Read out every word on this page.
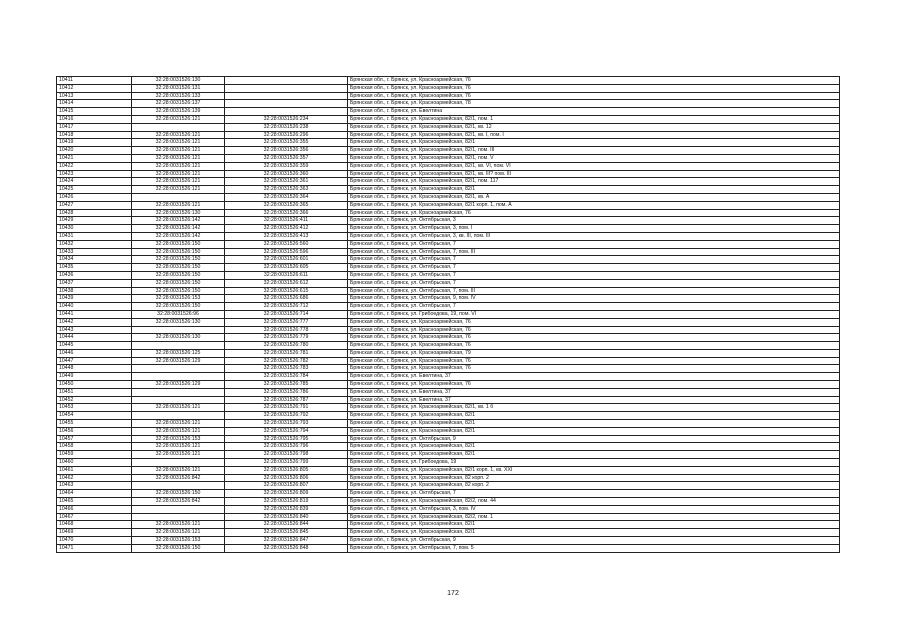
10411	32:28:0031526:130		Брянская обл., г. Брянск, ул. Красноармейская, 76
10412	32:28:0031526:131		Брянская обл., г. Брянск, ул. Красноармейская, 76
10413	32:28:0031526:133		Брянская обл., г. Брянск, ул. Красноармейская, 76
10414	32:28:0031526:137		Брянская обл., г. Брянск, ул. Красноармейская, 78
10415	32:28:0031526:139		Брянская обл., г. Брянск, ул. Евелтина
10416	32:28:0031526:121	32:28:0031526:234	Брянская обл., г. Брянск, ул. Красноармейская, 82/1, пом. 1
10417		32:28:0031526:238	Брянская обл., г. Брянск, ул. Красноармейская, 82/1, кв. 12
10418	32:28:0031526:121	32:28:0031526:296	Брянская обл., г. Брянск, ул. Красноармейская, 82/1, кв. I, пом. I
10419	32:28:0031526:121	32:28:0031526:355	Брянская обл., г. Брянск, ул. Красноармейская, 82/1
10420	32:28:0031526:121	32:28:0031526:356	Брянская обл., г. Брянск, ул. Красноармейская, 82/1, пом. III
10421	32:28:0031526:121	32:28:0031526:357	Брянская обл., г. Брянск, ул. Красноармейская, 82/1, пом. V
10422	32:28:0031526:121	32:28:0031526:359	Брянская обл., г. Брянск, ул. Красноармейская, 82/1, кв. VI, пом. VI
10423	32:28:0031526:121	32:28:0031526:360	Брянская обл., г. Брянск, ул. Красноармейская, 82/1, кв. III? пом. III
10424	32:28:0031526:121	32:28:0031526:361	Брянская обл., г. Брянск, ул. Красноармейская, 82/1, пом. 117
10425	32:28:0031526:121	32:28:0031526:363	Брянская обл., г. Брянск, ул. Красноармейская, 82/1
10426		32:28:0031526:364	Брянская обл., г. Брянск, ул. Красноармейская, 82/1, кв. А
10427	32:28:0031526:121	32:28:0031526:365	Брянская обл., г. Брянск, ул. Красноармейская, 82/1 корп. 1, пом. А
10428	32:28:0031526:130	32:28:0031526:366	Брянская обл., г. Брянск, ул. Красноармейская, 76
10429	32:28:0031526:142	32:28:0031526:411	Брянская обл., г. Брянск, ул. Октябрьская, 3
10430	32:28:0031526:142	32:28:0031526:412	Брянская обл., г. Брянск, ул. Октябрьская, 3, пом. I
10431	32:28:0031526:142	32:28:0031526:413	Брянская обл., г. Брянск, ул. Октябрьская, 3, кв. III, пом. III
10432	32:28:0031526:150	32:28:0031526:560	Брянская обл., г. Брянск, ул. Октябрьская, 7
10433	32:28:0031526:150	32:28:0031526:596	Брянская обл., г. Брянск, ул. Октябрьская, 7, пом. III
10434	32:28:0031526:150	32:28:0031526:601	Брянская обл., г. Брянск, ул. Октябрьская, 7
10435	32:28:0031526:150	32:28:0031526:605	Брянская обл., г. Брянск, ул. Октябрьская, 7
10436	32:28:0031526:150	32:28:0031526:611	Брянская обл., г. Брянск, ул. Октябрьская, 7
10437	32:28:0031526:150	32:28:0031526:612	Брянская обл., г. Брянск, ул. Октябрьская, 7
10438	32:28:0031526:150	32:28:0031526:615	Брянская обл., г. Брянск, ул. Октябрьская, 7, пом. III
10439	32:28:0031526:153	32:28:0031526:686	Брянская обл., г. Брянск, ул. Октябрьская, 9, пом. IV
10440	32:28:0031526:150	32:28:0031526:712	Брянская обл., г. Брянск, ул. Октябрьская, 7
10441	32:28:0031526:96	32:28:0031526:714	Брянская обл., г. Брянск, ул. Грибоедова, 19, пом. VI
10442	32:28:0031526:130	32:28:0031526:777	Брянская обл., г. Брянск, ул. Красноармейская, 76
10443		32:28:0031526:778	Брянская обл., г. Брянск, ул. Красноармейская, 76
10444	32:28:0031526:130	32:28:0031526:779	Брянская обл., г. Брянск, ул. Красноармейская, 76
10445		32:28:0031526:780	Брянская обл., г. Брянск, ул. Красноармейская, 76
10446	32:28:0031526:125	32:28:0031526:781	Брянская обл., г. Брянск, ул. Красноармейская, 79
10447	32:28:0031526:129	32:28:0031526:782	Брянская обл., г. Брянск, ул. Красноармейская, 76
10448		32:28:0031526:783	Брянская обл., г. Брянск, ул. Красноармейская, 76
10449		32:28:0031526:784	Брянская обл., г. Брянск, ул. Евелтина, 37
10450	32:28:0031526:129	32:28:0031526:785	Брянская обл., г. Брянск, ул. Красноармейская, 76
10451		32:28:0031526:786	Брянская обл., г. Брянск, ул. Евелтина, 37
10452		32:28:0031526:787	Брянская обл., г. Брянск, ул. Евелтина, 37
10453	32:28:0031526:121	32:28:0031526:791	Брянская обл., г. Брянск, ул. Красноармейская, 82/1, кв. 1 б
10454		32:28:0031526:792	Брянская обл., г. Брянск, ул. Красноармейская, 82/1
10455	32:28:0031526:121	32:28:0031526:793	Брянская обл., г. Брянск, ул. Красноармейская, 82/1
10456	32:28:0031526:121	32:28:0031526:794	Брянская обл., г. Брянск, ул. Красноармейская, 82/1
10457	32:28:0031526:153	32:28:0031526:795	Брянская обл., г. Брянск, ул. Октябрьская, 9
10458	32:28:0031526:121	32:28:0031526:796	Брянская обл., г. Брянск, ул. Красноармейская, 82/1
10459	32:28:0031526:121	32:28:0031526:798	Брянская обл., г. Брянск, ул. Красноармейская, 82/1
10460		32:28:0031526:799	Брянская обл., г. Брянск, ул. Грибоедова, 19
10461	32:28:0031526:121	32:28:0031526:805	Брянская обл., г. Брянск, ул. Красноармейская, 82/1 корп. 1, кв. XXI
10462	32:28:0031526:842	32:28:0031526:806	Брянская обл., г. Брянск, ул. Красноармейская, 82 корп. 2
10463		32:28:0031526:807	Брянская обл., г. Брянск, ул. Красноармейская, 82 корп. 2
10464	32:28:0031526:150	32:28:0031526:809	Брянская обл., г. Брянск, ул. Октябрьская, 7
10465	32:28:0031526:842	32:28:0031526:819	Брянская обл., г. Брянск, ул. Красноармейская, 82/2, пом. 44
10466		32:28:0031526:839	Брянская обл., г. Брянск, ул. Октябрьская, 3, пом. IV
10467		32:28:0031526:840	Брянская обл., г. Брянск, ул. Красноармейская, 82/2, пом. 1
10468	32:28:0031526:121	32:28:0031526:844	Брянская обл., г. Брянск, ул. Красноармейская, 82/1
10469	32:28:0031526:121	32:28:0031526:845	Брянская обл., г. Брянск, ул. Красноармейская, 82/1
10470	32:28:0031526:153	32:28:0031526:847	Брянская обл., г. Брянск, ул. Октябрьская, 9
10471	32:28:0031526:150	32:28:0031526:848	Брянская обл., г. Брянск, ул. Октябрьская, 7, пом. 5
172
